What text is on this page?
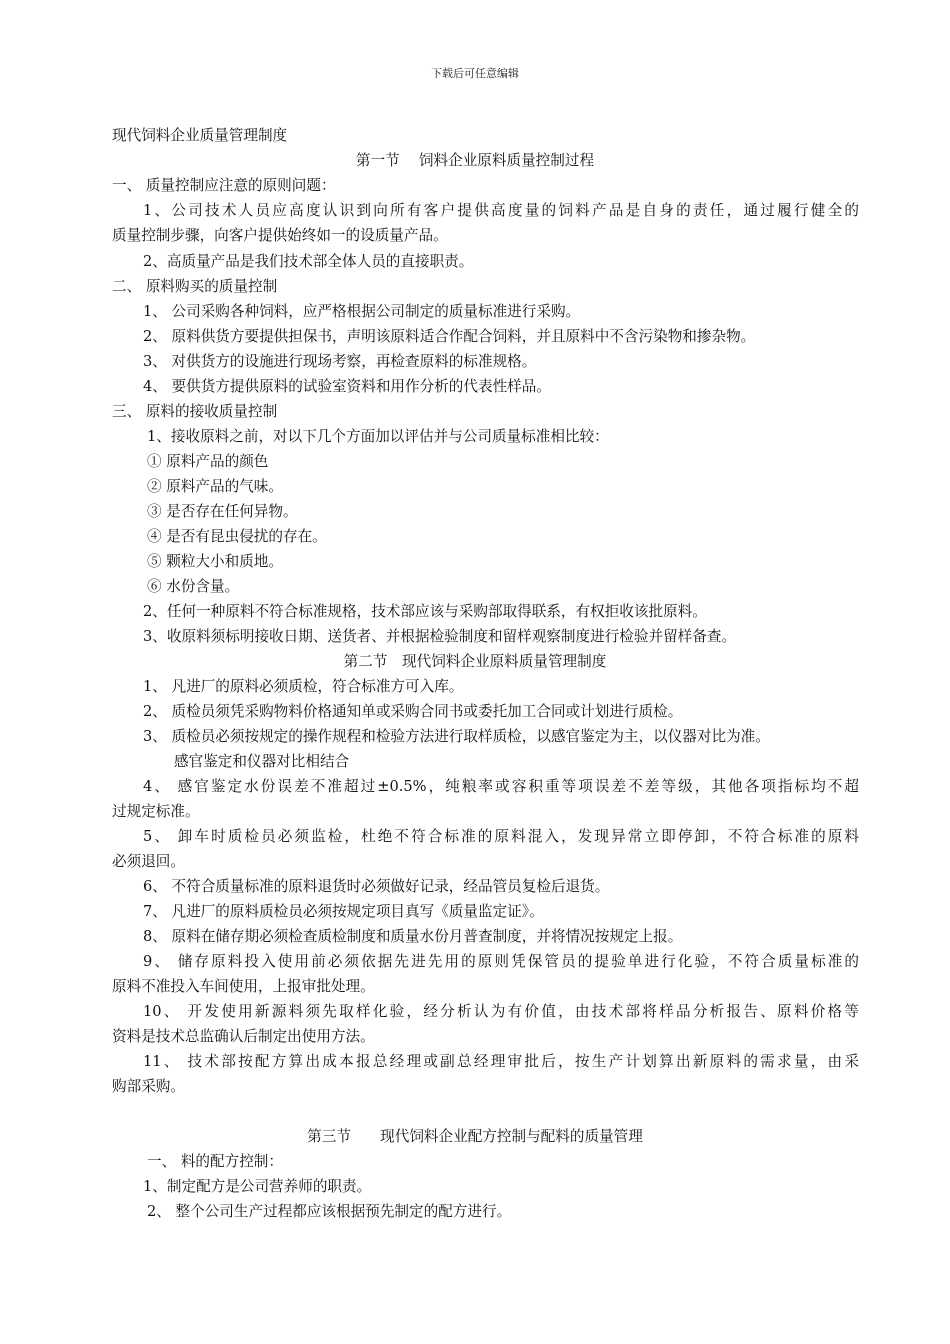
下载后可任意编辑
现代饲料企业质量管理制度
第一节　 饲料企业原料质量控制过程
一、 质量控制应注意的原则问题：
1、公司技术人员应高度认识到向所有客户提供高度量的饲料产品是自身的责任，通过履行健全的
质量控制步骤，向客户提供始终如一的设质量产品。
2、高质量产品是我们技术部全体人员的直接职责。
二、 原料购买的质量控制
1、 公司采购各种饲料，应严格根据公司制定的质量标准进行采购。
2、 原料供货方要提供担保书，声明该原料适合作配合饲料，并且原料中不含污染物和掺杂物。
3、 对供货方的设施进行现场考察，再检查原料的标准规格。
4、 要供货方提供原料的试验室资料和用作分析的代表性样品。
三、 原料的接收质量控制
1、接收原料之前，对以下几个方面加以评估并与公司质量标准相比较：
① 原料产品的颜色
② 原料产品的气味。
③ 是否存在任何异物。
④ 是否有昆虫侵扰的存在。
⑤ 颗粒大小和质地。
⑥ 水份含量。
2、任何一种原料不符合标准规格，技术部应该与采购部取得联系，有权拒收该批原料。
3、收原料须标明接收日期、送货者、并根据检验制度和留样观察制度进行检验并留样备查。
第二节　现代饲料企业原料质量管理制度
1、 凡进厂的原料必须质检，符合标准方可入库。
2、 质检员须凭采购物料价格通知单或采购合同书或委托加工合同或计划进行质检。
3、 质检员必须按规定的操作规程和检验方法进行取样质检，以感官鉴定为主，以仪器对比为准。
感官鉴定和仪器对比相结合
4、 感官鉴定水份误差不准超过±0.5%，纯粮率或容积重等项误差不差等级，其他各项指标均不超
过规定标准。
5、 卸车时质检员必须监检，杜绝不符合标准的原料混入，发现异常立即停卸，不符合标准的原料
必须退回。
6、 不符合质量标准的原料退货时必须做好记录，经品管员复检后退货。
7、 凡进厂的原料质检员必须按规定项目真写《质量监定证》。
8、 原料在储存期必须检查质检制度和质量水份月普查制度，并将情况按规定上报。
9、 储存原料投入使用前必须依据先进先用的原则凭保管员的提验单进行化验，不符合质量标准的
原料不准投入车间使用，上报审批处理。
10、 开发使用新源料须先取样化验，经分析认为有价值，由技术部将样品分析报告、原料价格等
资料是技术总监确认后制定出使用方法。
11、 技术部按配方算出成本报总经理或副总经理审批后，按生产计划算出新原料的需求量，由采
购部采购。
第三节　　现代饲料企业配方控制与配料的质量管理
一、 料的配方控制：
1、制定配方是公司营养师的职责。
2、 整个公司生产过程都应该根据预先制定的配方进行。
